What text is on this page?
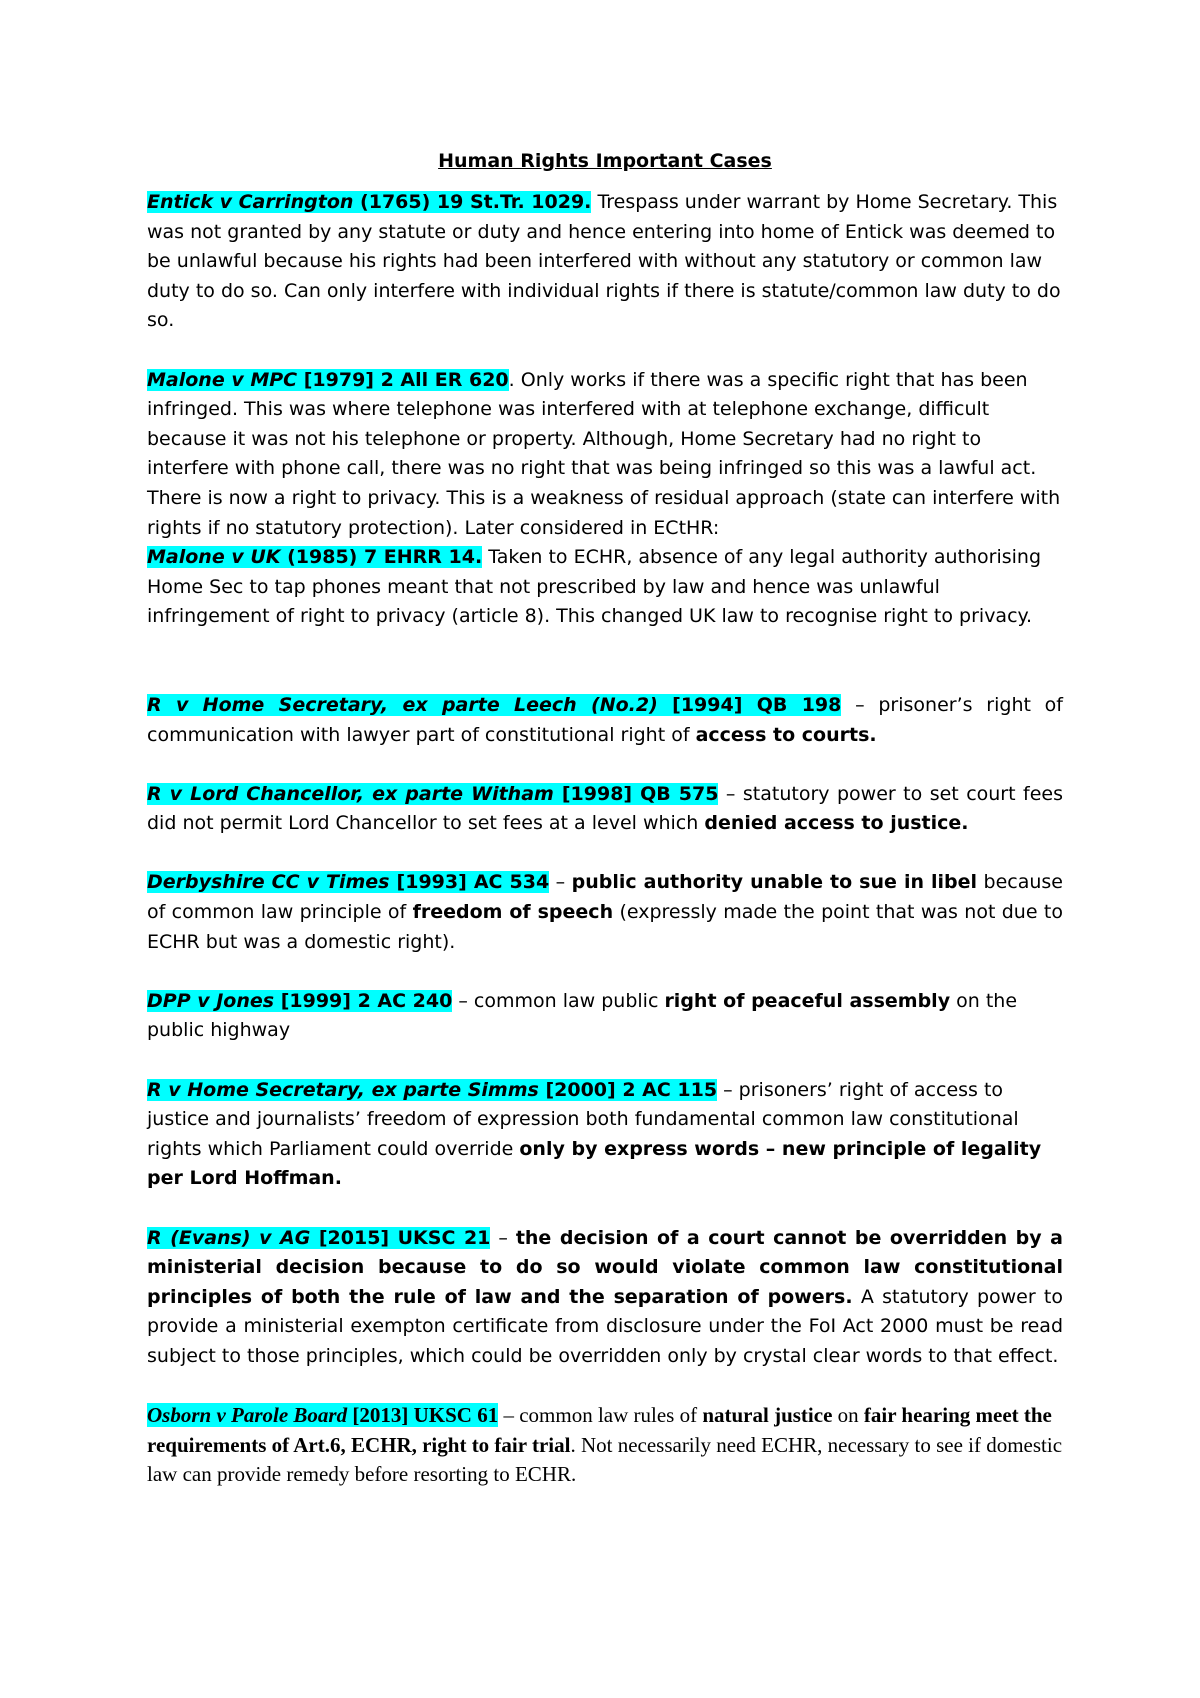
Human Rights Important Cases

Entick v Carrington (1765) 19 St.Tr. 1029. Trespass under warrant by Home Secretary. This was not granted by any statute or duty and hence entering into home of Entick was deemed to be unlawful because his rights had been interfered with without any statutory or common law duty to do so. Can only interfere with individual rights if there is statute/common law duty to do so.

Malone v MPC [1979] 2 All ER 620. Only works if there was a specific right that has been infringed. This was where telephone was interfered with at telephone exchange, difficult because it was not his telephone or property. Although, Home Secretary had no right to interfere with phone call, there was no right that was being infringed so this was a lawful act. There is now a right to privacy. This is a weakness of residual approach (state can interfere with rights if no statutory protection). Later considered in ECtHR:

Malone v UK (1985) 7 EHRR 14. Taken to ECHR, absence of any legal authority authorising Home Sec to tap phones meant that not prescribed by law and hence was unlawful infringement of right to privacy (article 8). This changed UK law to recognise right to privacy.

R v Home Secretary, ex parte Leech (No.2) [1994] QB 198 – prisoner’s right of communication with lawyer part of constitutional right of access to courts.

R v Lord Chancellor, ex parte Witham [1998] QB 575 – statutory power to set court fees did not permit Lord Chancellor to set fees at a level which denied access to justice.

Derbyshire CC v Times [1993] AC 534 – public authority unable to sue in libel because of common law principle of freedom of speech (expressly made the point that was not due to ECHR but was a domestic right).

DPP v Jones [1999] 2 AC 240 – common law public right of peaceful assembly on the public highway

R v Home Secretary, ex parte Simms [2000] 2 AC 115 – prisoners’ right of access to justice and journalists’ freedom of expression both fundamental common law constitutional rights which Parliament could override only by express words – new principle of legality per Lord Hoffman.

R (Evans) v AG [2015] UKSC 21 – the decision of a court cannot be overridden by a ministerial decision because to do so would violate common law constitutional principles of both the rule of law and the separation of powers. A statutory power to provide a ministerial exempton certificate from disclosure under the FoI Act 2000 must be read subject to those principles, which could be overridden only by crystal clear words to that effect.

Osborn v Parole Board [2013] UKSC 61 – common law rules of natural justice on fair hearing meet the requirements of Art.6, ECHR, right to fair trial. Not necessarily need ECHR, necessary to see if domestic law can provide remedy before resorting to ECHR.
